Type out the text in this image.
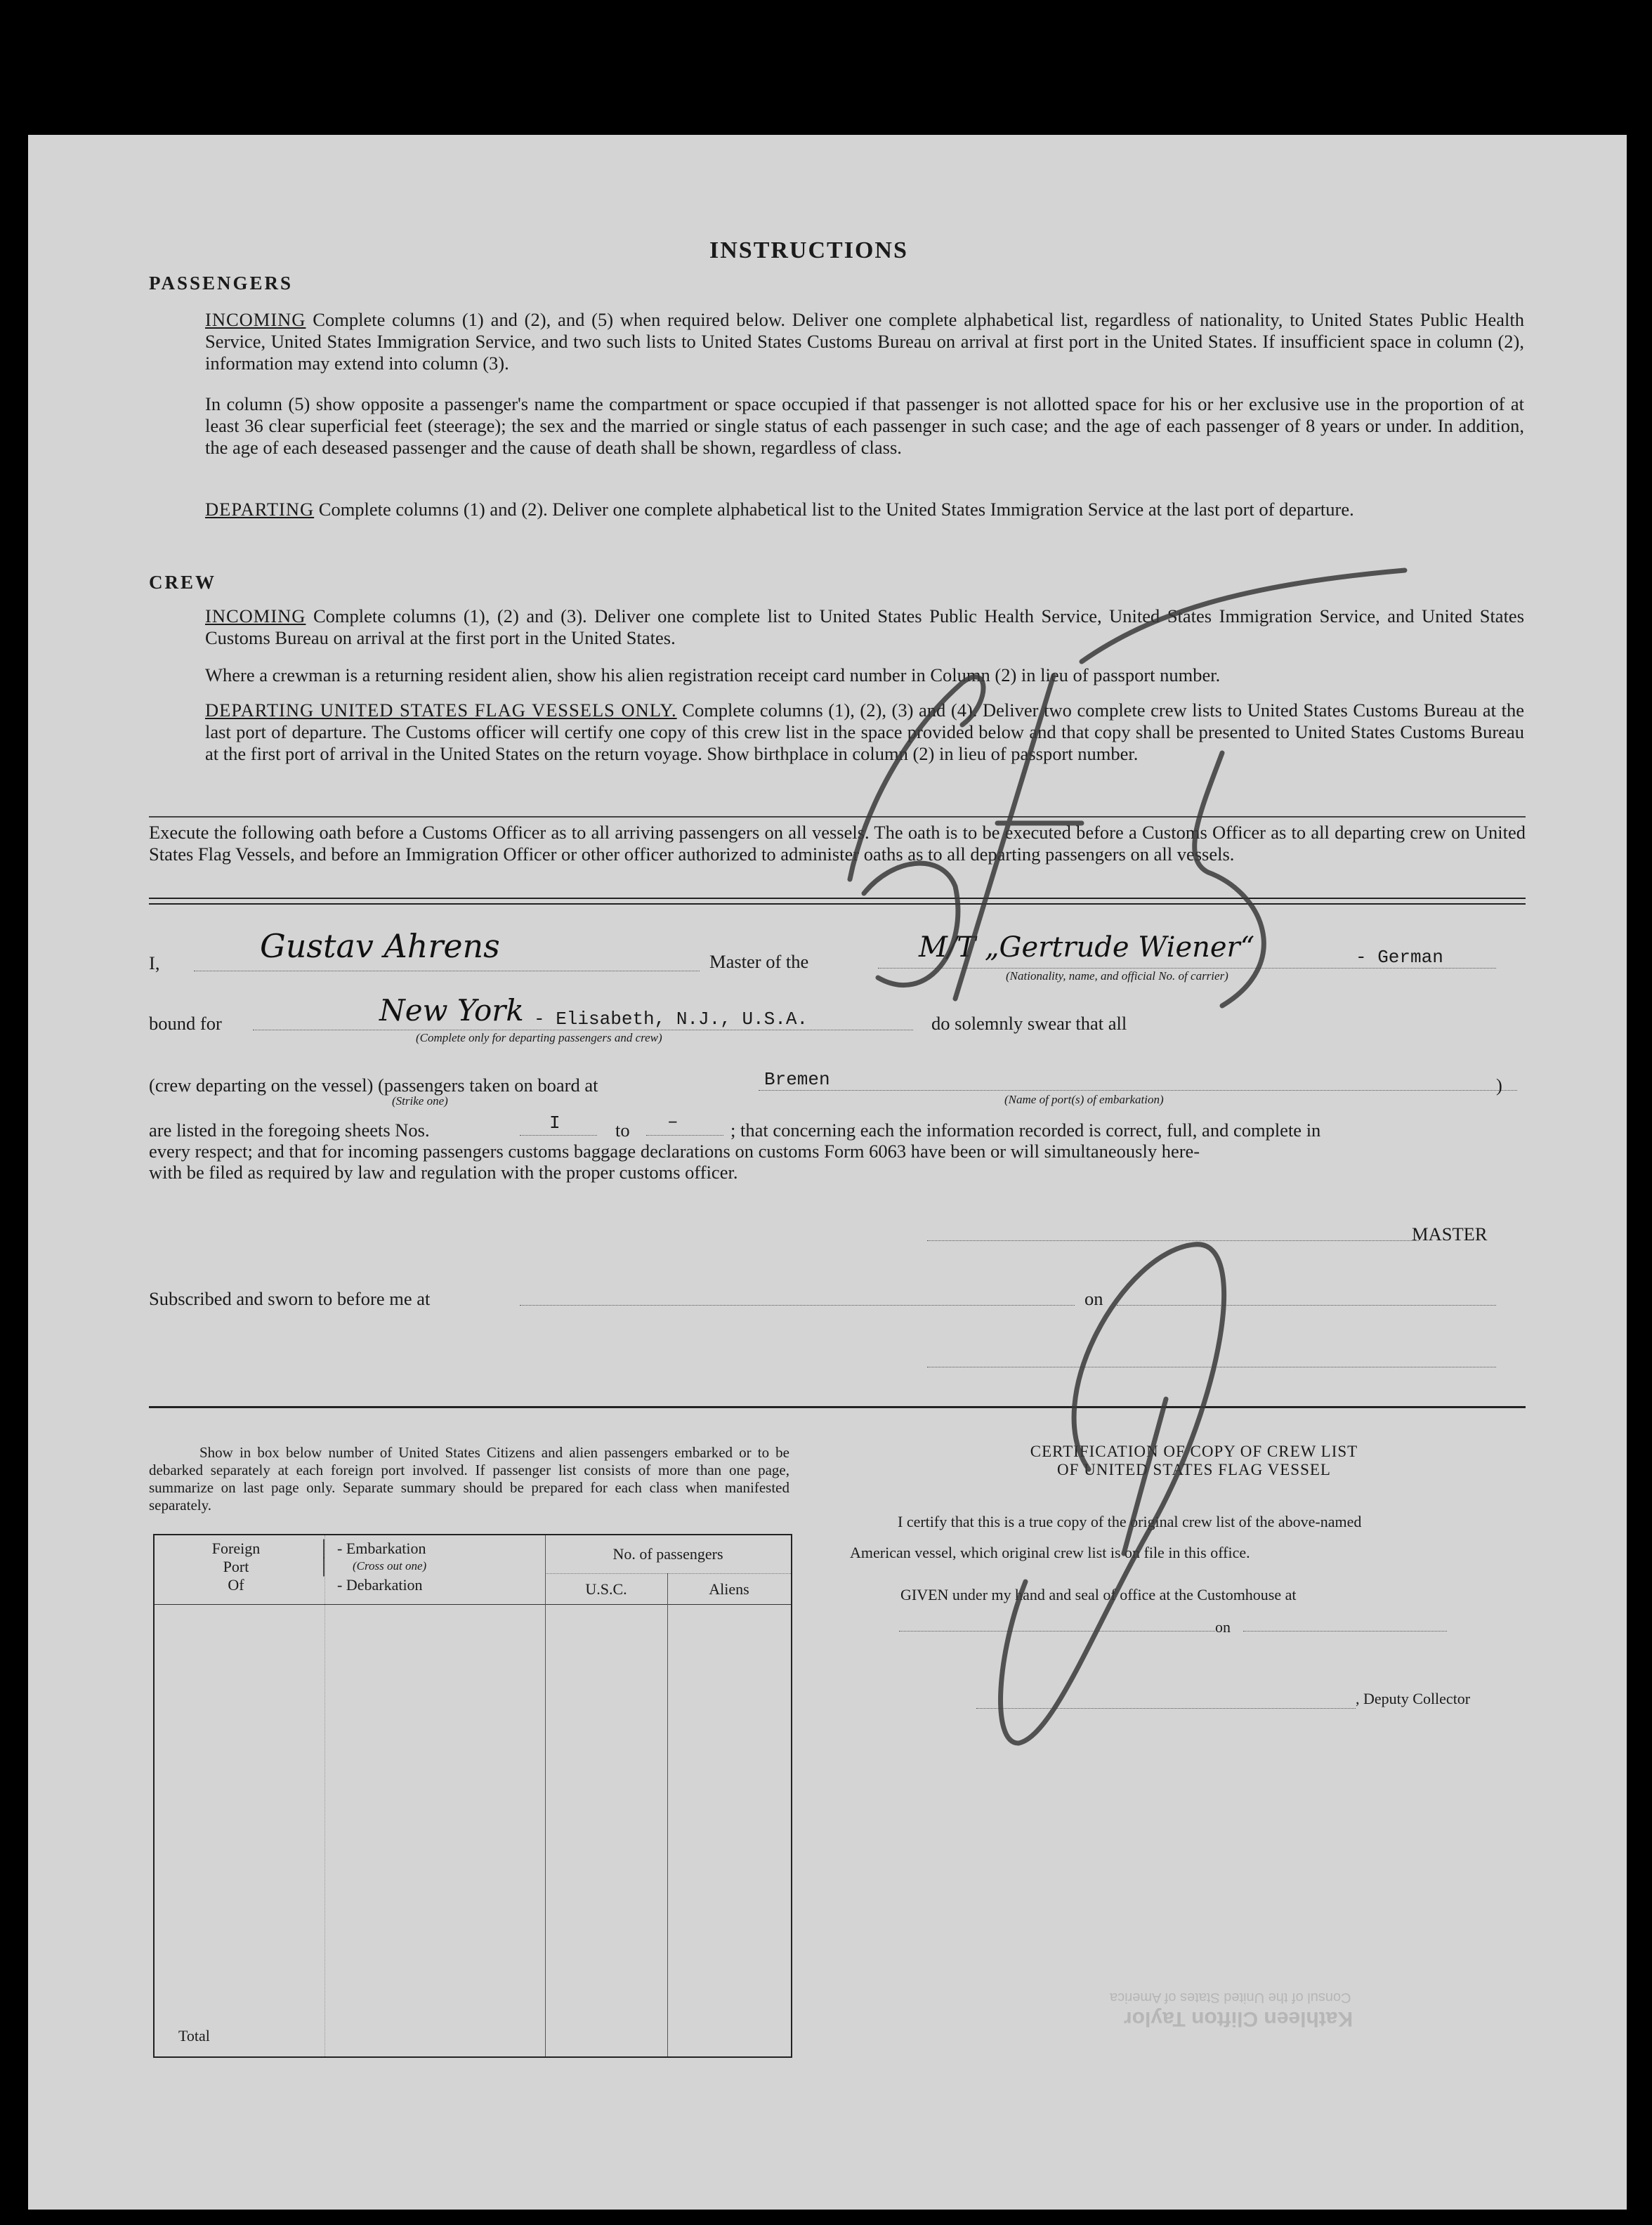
Kathleen Clifton Taylor
Consul of the United States of America
INSTRUCTIONS
PASSENGERS
INCOMING Complete columns (1) and (2), and (5) when required below. Deliver one complete alphabetical list, regardless of nationality, to United States Public Health Service, United States Immigration Service, and two such lists to United States Customs Bureau on arrival at first port in the United States. If insufficient space in column (2), information may extend into column (3).
In column (5) show opposite a passenger's name the compartment or space occupied if that passenger is not allotted space for his or her exclusive use in the proportion of at least 36 clear superficial feet (steerage); the sex and the married or single status of each passenger in such case; and the age of each passenger of 8 years or under. In addition, the age of each deseased passenger and the cause of death shall be shown, regardless of class.
DEPARTING Complete columns (1) and (2). Deliver one complete alphabetical list to the United States Immigration Service at the last port of departure.
CREW
INCOMING Complete columns (1), (2) and (3). Deliver one complete list to United States Public Health Service, United States Immigration Service, and United States Customs Bureau on arrival at the first port in the United States.
Where a crewman is a returning resident alien, show his alien registration receipt card number in Column (2) in lieu of passport number.
DEPARTING UNITED STATES FLAG VESSELS ONLY. Complete columns (1), (2), (3) and (4). Deliver two complete crew lists to United States Customs Bureau at the last port of departure. The Customs officer will certify one copy of this crew list in the space provided below and that copy shall be presented to United States Customs Bureau at the first port of arrival in the United States on the return voyage. Show birthplace in column (2) in lieu of passport number.
Execute the following oath before a Customs Officer as to all arriving passengers on all vessels. The oath is to be executed before a Customs Officer as to all departing crew on United States Flag Vessels, and before an Immigration Officer or other officer authorized to administer oaths as to all departing passengers on all vessels.
I,	Gustav Ahrens	Master of the	M/T „Gertrude Wiener“	- German
(Nationality, name, and official No. of carrier)
bound for	New York - Elisabeth, N.J., U.S.A.
(Complete only for departing passengers and crew)
do solemnly swear that all
(crew departing on the vessel) (passengers taken on board at
(Strike one)
Bremen	)
(Name of port(s) of embarkation)
are listed in the foregoing sheets Nos.	I	to –	; that concerning each the information recorded is correct, full, and complete in
every respect; and that for incoming passengers customs baggage declarations on customs Form 6063 have been or will simultaneously here-
with be filed as required by law and regulation with the proper customs officer.
MASTER
Subscribed and sworn to before me at	on
Show in box below number of United States Citizens and alien passengers embarked or to be debarked separately at each foreign port involved. If passenger list consists of more than one page, summarize on last page only. Separate summary should be prepared for each class when manifested separately.
Foreign
Port
Of
|
|
- Embarkation
(Cross out one)
- Debarkation
No. of passengers
U.S.C.	Aliens
Total
CERTIFICATION OF COPY OF CREW LIST
OF UNITED STATES FLAG VESSEL
I certify that this is a true copy of the original crew list of the above-named
American vessel, which original crew list is on file in this office.
GIVEN under my hand and seal of office at the Customhouse at
on
, Deputy Collector
